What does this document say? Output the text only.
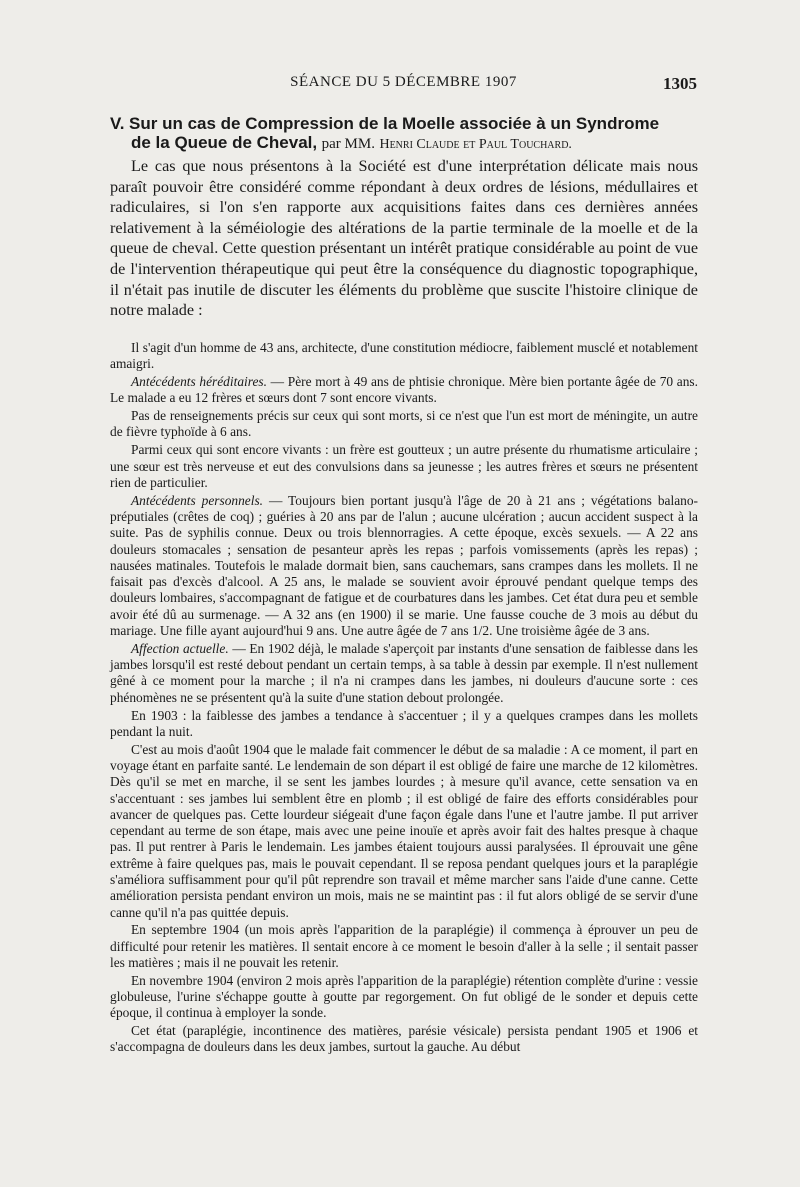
SÉANCE DU 5 DÉCEMBRE 1907	1305
V. Sur un cas de Compression de la Moelle associée à un Syndrome
de la Queue de Cheval, par MM. Henri Claude et Paul Touchard.

Le cas que nous présentons à la Société est d'une interprétation délicate mais nous paraît pouvoir être considéré comme répondant à deux ordres de lésions, médullaires et radiculaires, si l'on s'en rapporte aux acquisitions faites dans ces dernières années relativement à la séméiologie des altérations de la partie terminale de la moelle et de la queue de cheval. Cette question présentant un intérêt pratique considérable au point de vue de l'intervention thérapeutique qui peut être la conséquence du diagnostic topographique, il n'était pas inutile de discuter les éléments du problème que suscite l'histoire clinique de notre malade :

Il s'agit d'un homme de 43 ans, architecte, d'une constitution médiocre, faiblement musclé et notablement amaigri.

Antécédents héréditaires. — Père mort à 49 ans de phtisie chronique. Mère bien portante âgée de 70 ans. Le malade a eu 12 frères et sœurs dont 7 sont encore vivants.

Pas de renseignements précis sur ceux qui sont morts, si ce n'est que l'un est mort de méningite, un autre de fièvre typhoïde à 6 ans.

Parmi ceux qui sont encore vivants : un frère est goutteux ; un autre présente du rhumatisme articulaire ; une sœur est très nerveuse et eut des convulsions dans sa jeunesse ; les autres frères et sœurs ne présentent rien de particulier.

Antécédents personnels. — Toujours bien portant jusqu'à l'âge de 20 à 21 ans ; végétations balano-préputiales (crêtes de coq) ; guéries à 20 ans par de l'alun ; aucune ulcération ; aucun accident suspect à la suite. Pas de syphilis connue. Deux ou trois blennorragies. A cette époque, excès sexuels. — A 22 ans douleurs stomacales ; sensation de pesanteur après les repas ; parfois vomissements (après les repas) ; nausées matinales. Toutefois le malade dormait bien, sans cauchemars, sans crampes dans les mollets. Il ne faisait pas d'excès d'alcool. A 25 ans, le malade se souvient avoir éprouvé pendant quelque temps des douleurs lombaires, s'accompagnant de fatigue et de courbatures dans les jambes. Cet état dura peu et semble avoir été dû au surmenage. — A 32 ans (en 1900) il se marie. Une fausse couche de 3 mois au début du mariage. Une fille ayant aujourd'hui 9 ans. Une autre âgée de 7 ans 1/2. Une troisième âgée de 3 ans.

Affection actuelle. — En 1902 déjà, le malade s'aperçoit par instants d'une sensation de faiblesse dans les jambes lorsqu'il est resté debout pendant un certain temps, à sa table à dessin par exemple. Il n'est nullement gêné à ce moment pour la marche ; il n'a ni crampes dans les jambes, ni douleurs d'aucune sorte : ces phénomènes ne se présentent qu'à la suite d'une station debout prolongée.

En 1903 : la faiblesse des jambes a tendance à s'accentuer ; il y a quelques crampes dans les mollets pendant la nuit.

C'est au mois d'août 1904 que le malade fait commencer le début de sa maladie : A ce moment, il part en voyage étant en parfaite santé. Le lendemain de son départ il est obligé de faire une marche de 12 kilomètres. Dès qu'il se met en marche, il se sent les jambes lourdes ; à mesure qu'il avance, cette sensation va en s'accentuant : ses jambes lui semblent être en plomb ; il est obligé de faire des efforts considérables pour avancer de quelques pas. Cette lourdeur siégeait d'une façon égale dans l'une et l'autre jambe. Il put arriver cependant au terme de son étape, mais avec une peine inouïe et après avoir fait des haltes presque à chaque pas. Il put rentrer à Paris le lendemain. Les jambes étaient toujours aussi paralysées. Il éprouvait une gêne extrême à faire quelques pas, mais le pouvait cependant. Il se reposa pendant quelques jours et la paraplégie s'améliora suffisamment pour qu'il pût reprendre son travail et même marcher sans l'aide d'une canne. Cette amélioration persista pendant environ un mois, mais ne se maintint pas : il fut alors obligé de se servir d'une canne qu'il n'a pas quittée depuis.

En septembre 1904 (un mois après l'apparition de la paraplégie) il commença à éprouver un peu de difficulté pour retenir les matières. Il sentait encore à ce moment le besoin d'aller à la selle ; il sentait passer les matières ; mais il ne pouvait les retenir.

En novembre 1904 (environ 2 mois après l'apparition de la paraplégie) rétention complète d'urine : vessie globuleuse, l'urine s'échappe goutte à goutte par regorgement. On fut obligé de le sonder et depuis cette époque, il continua à employer la sonde.

Cet état (paraplégie, incontinence des matières, parésie vésicale) persista pendant 1905 et 1906 et s'accompagna de douleurs dans les deux jambes, surtout la gauche. Au début
